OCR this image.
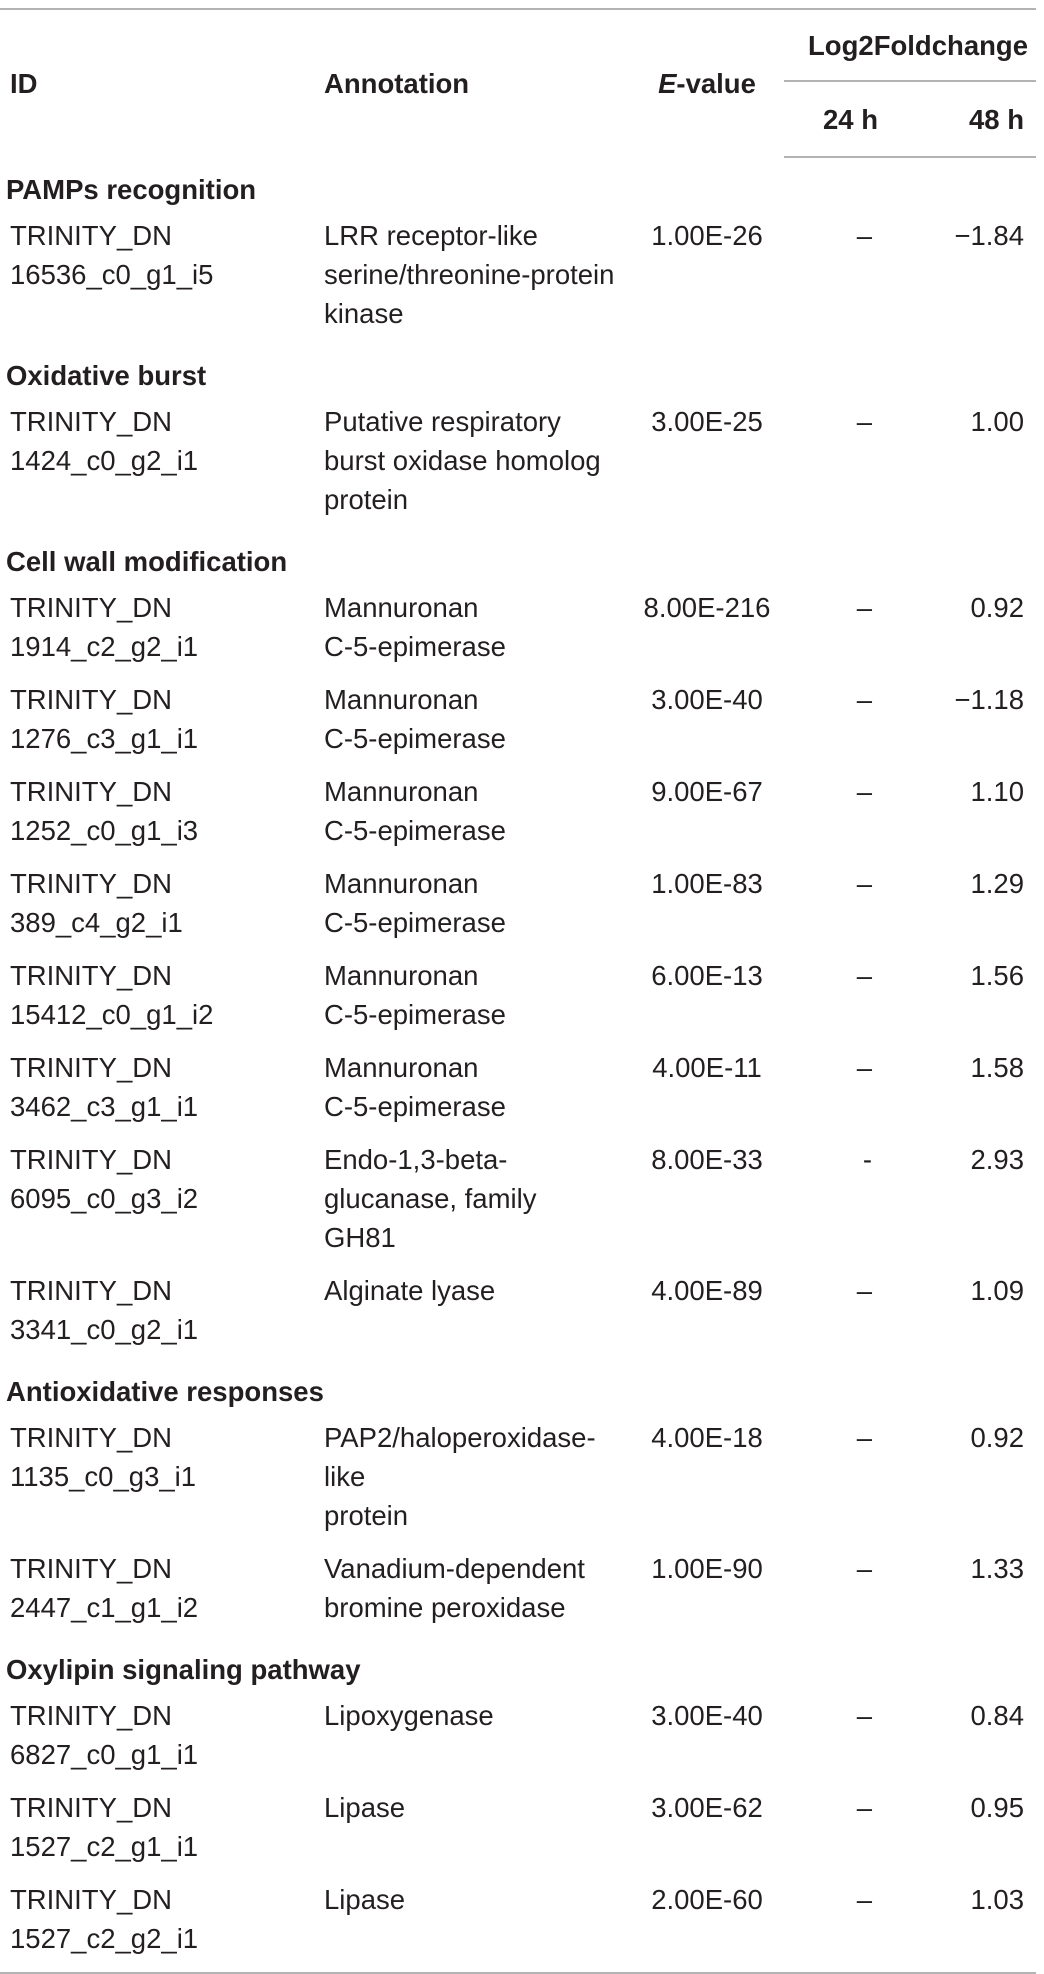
ID	Annotation	E-value	Log2Foldchange	
			24 h	48 h
PAMPs recognition				

TRINITY_DN
16536_c0_g1_i5	LRR receptor-like
serine/threonine-protein
kinase	1.00E-26	–	−1.84
Oxidative burst				

TRINITY_DN
1424_c0_g2_i1	Putative respiratory
burst oxidase homolog
protein	3.00E-25	–	1.00
Cell wall modification				

TRINITY_DN
1914_c2_g2_i1	Mannuronan
C-5-epimerase	8.00E-216	–	0.92

TRINITY_DN
1276_c3_g1_i1	Mannuronan
C-5-epimerase	3.00E-40	–	−1.18

TRINITY_DN
1252_c0_g1_i3	Mannuronan
C-5-epimerase	9.00E-67	–	1.10

TRINITY_DN
389_c4_g2_i1	Mannuronan
C-5-epimerase	1.00E-83	–	1.29

TRINITY_DN
15412_c0_g1_i2	Mannuronan
C-5-epimerase	6.00E-13	–	1.56

TRINITY_DN
3462_c3_g1_i1	Mannuronan
C-5-epimerase	4.00E-11	–	1.58

TRINITY_DN
6095_c0_g3_i2	Endo-1,3-beta-
glucanase, family
GH81	8.00E-33	-	2.93

TRINITY_DN
3341_c0_g2_i1	Alginate lyase	4.00E-89	–	1.09
Antioxidative responses				

TRINITY_DN
1135_c0_g3_i1	PAP2/haloperoxidase-
like
protein	4.00E-18	–	0.92

TRINITY_DN
2447_c1_g1_i2	Vanadium-dependent
bromine peroxidase	1.00E-90	–	1.33
Oxylipin signaling pathway				

TRINITY_DN
6827_c0_g1_i1	Lipoxygenase	3.00E-40	–	0.84

TRINITY_DN
1527_c2_g1_i1	Lipase	3.00E-62	–	0.95

TRINITY_DN
1527_c2_g2_i1	Lipase	2.00E-60	–	1.03
